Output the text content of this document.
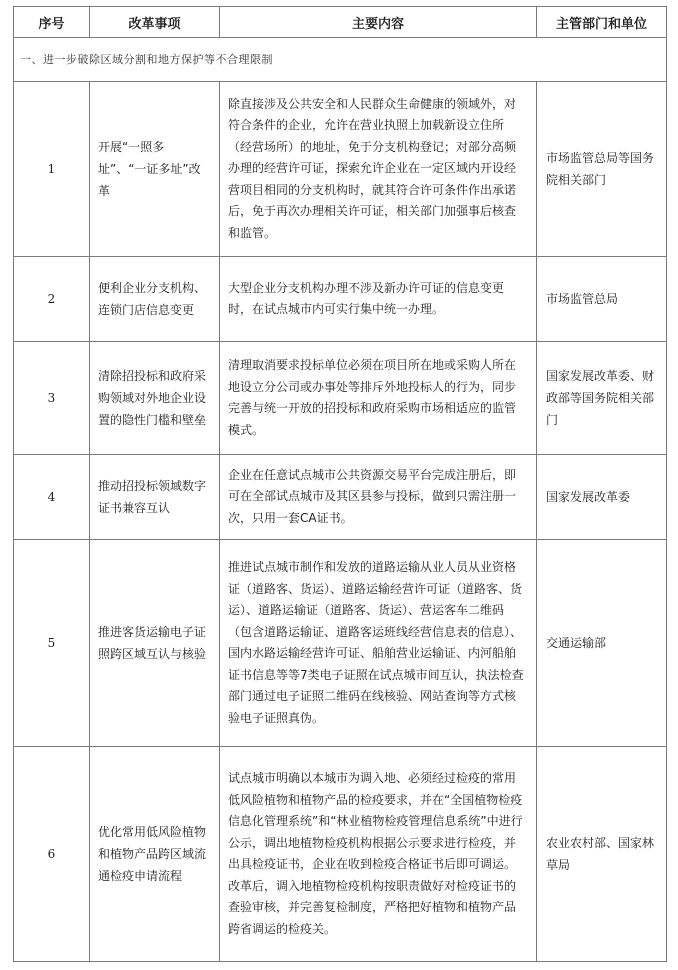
序号	改革事项	主要内容	主管部门和单位
一、进一步破除区域分割和地方保护等不合理限制			
1	开展“一照多址”、“一证多址”改革	除直接涉及公共安全和人民群众生命健康的领域外，对符合条件的企业，允许在营业执照上加载新设立住所（经营场所）的地址，免于分支机构登记；对部分高频办理的经营许可证，探索允许企业在一定区域内开设经营项目相同的分支机构时，就其符合许可条件作出承诺后，免于再次办理相关许可证，相关部门加强事后核查和监管。	市场监管总局等国务院相关部门
2	便利企业分支机构、连锁门店信息变更	大型企业分支机构办理不涉及新办许可证的信息变更时，在试点城市内可实行集中统一办理。	市场监管总局
3	清除招投标和政府采购领域对外地企业设置的隐性门槛和壁垒	清理取消要求投标单位必须在项目所在地或采购人所在地设立分公司或办事处等排斥外地投标人的行为，同步完善与统一开放的招投标和政府采购市场相适应的监管模式。	国家发展改革委、财政部等国务院相关部门
4	推动招投标领域数字证书兼容互认	企业在任意试点城市公共资源交易平台完成注册后，即可在全部试点城市及其区县参与投标，做到只需注册一次，只用一套CA证书。	国家发展改革委
5	推进客货运输电子证照跨区域互认与核验	推进试点城市制作和发放的道路运输从业人员从业资格证（道路客、货运）、道路运输经营许可证（道路客、货运）、道路运输证（道路客、货运）、营运客车二维码（包含道路运输证、道路客运班线经营信息表的信息）、国内水路运输经营许可证、船舶营业运输证、内河船舶证书信息等等7类电子证照在试点城市间互认，执法检查部门通过电子证照二维码在线核验、网站查询等方式核验电子证照真伪。	交通运输部
6	优化常用低风险植物和植物产品跨区域流通检疫申请流程	试点城市明确以本城市为调入地、必须经过检疫的常用低风险植物和植物产品的检疫要求，并在“全国植物检疫信息化管理系统”和“林业植物检疫管理信息系统”中进行公示，调出地植物检疫机构根据公示要求进行检疫，并出具检疫证书，企业在收到检疫合格证书后即可调运。改革后，调入地植物检疫机构按职责做好对检疫证书的查验审核，并完善复检制度，严格把好植物和植物产品跨省调运的检疫关。	农业农村部、国家林草局
